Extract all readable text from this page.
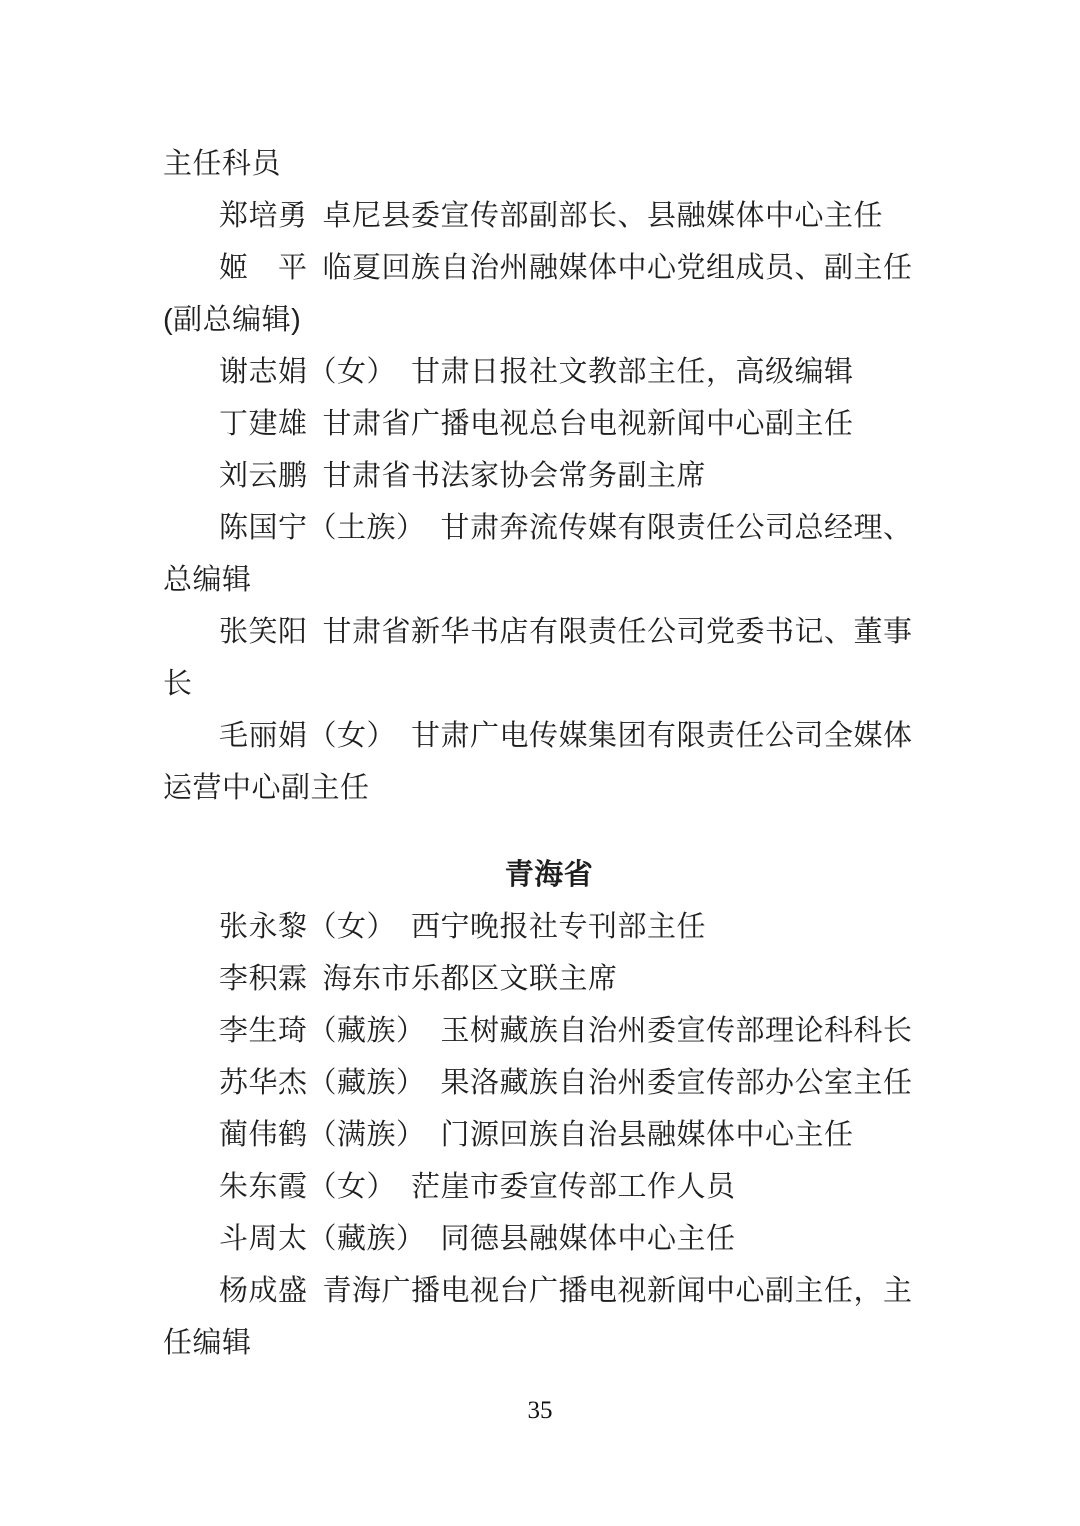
主任科员
郑培勇 卓尼县委宣传部副部长、县融媒体中心主任
姬　平 临夏回族自治州融媒体中心党组成员、副主任
(副总编辑)
谢志娟（女）　甘肃日报社文教部主任，高级编辑
丁建雄 甘肃省广播电视总台电视新闻中心副主任
刘云鹏 甘肃省书法家协会常务副主席
陈国宁（土族）　甘肃奔流传媒有限责任公司总经理、
总编辑
张笑阳 甘肃省新华书店有限责任公司党委书记、董事
长
毛丽娟（女）　甘肃广电传媒集团有限责任公司全媒体
运营中心副主任
青海省
张永黎（女）　西宁晚报社专刊部主任
李积霖 海东市乐都区文联主席
李生琦（藏族）　玉树藏族自治州委宣传部理论科科长
苏华杰（藏族）　果洛藏族自治州委宣传部办公室主任
蔺伟鹤（满族）　门源回族自治县融媒体中心主任
朱东霞（女）　茫崖市委宣传部工作人员
斗周太（藏族）　同德县融媒体中心主任
杨成盛 青海广播电视台广播电视新闻中心副主任，主
任编辑
35
